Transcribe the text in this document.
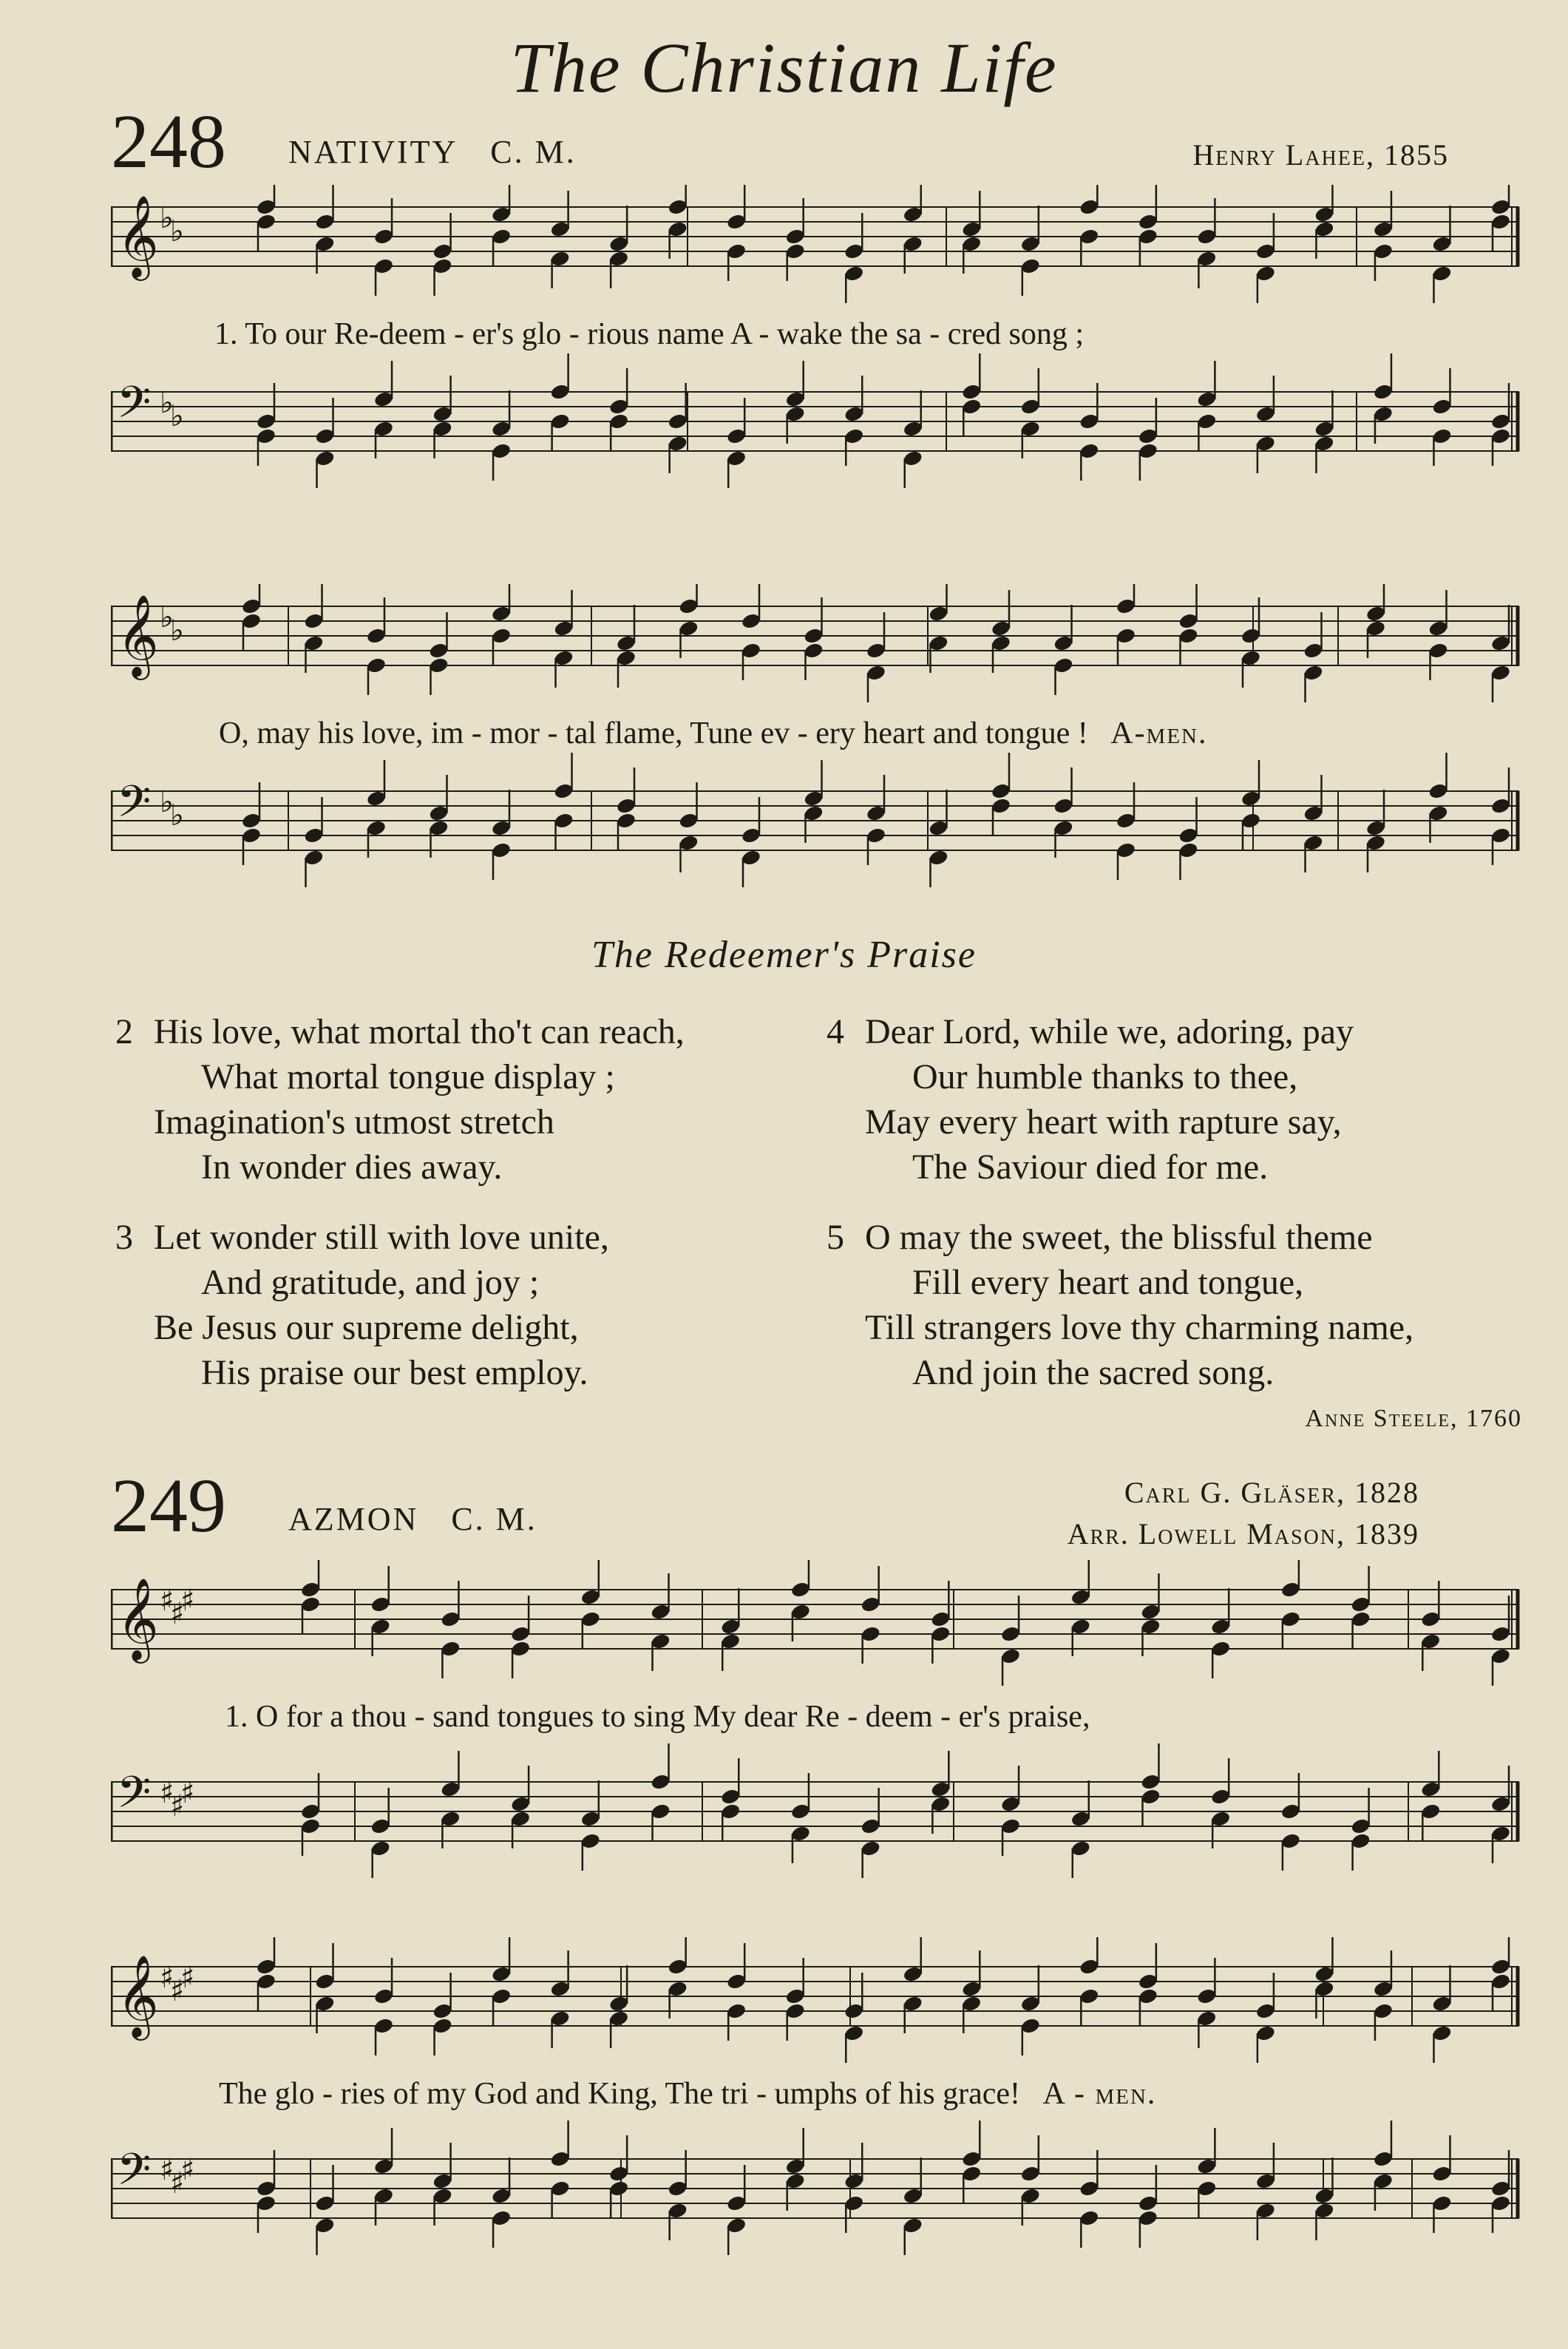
The Christian Life
248 NATIVITY C. M.	Henry Lahee, 1855
𝄞 ♭
♭
𝄢 ♭
♭
1. To our Re-deem - er's glo - rious name A - wake the sa - cred song ;
𝄞 ♭
♭
𝄢 ♭
♭
O, may his love, im - mor - tal flame, Tune ev - ery heart and tongue ! A-men.
The Redeemer's Praise
2 His love, what mortal tho't can reach,
What mortal tongue display ;
Imagination's utmost stretch
In wonder dies away.
3 Let wonder still with love unite,
And gratitude, and joy ;
Be Jesus our supreme delight,
His praise our best employ.
4 Dear Lord, while we, adoring, pay
Our humble thanks to thee,
May every heart with rapture say,
The Saviour died for me.
5 O may the sweet, the blissful theme
Fill every heart and tongue,
Till strangers love thy charming name,
And join the sacred song.
Anne Steele, 1760
249 AZMON C. M.
Carl G. Gläser, 1828
Arr. Lowell Mason, 1839
𝄞 ♯
♯
♯
𝄢 ♯
♯
♯
1. O for a thou - sand tongues to sing My dear Re - deem - er's praise,
𝄞 ♯
♯
♯
𝄢 ♯
♯
♯
The glo - ries of my God and King, The tri - umphs of his grace! A - men.
